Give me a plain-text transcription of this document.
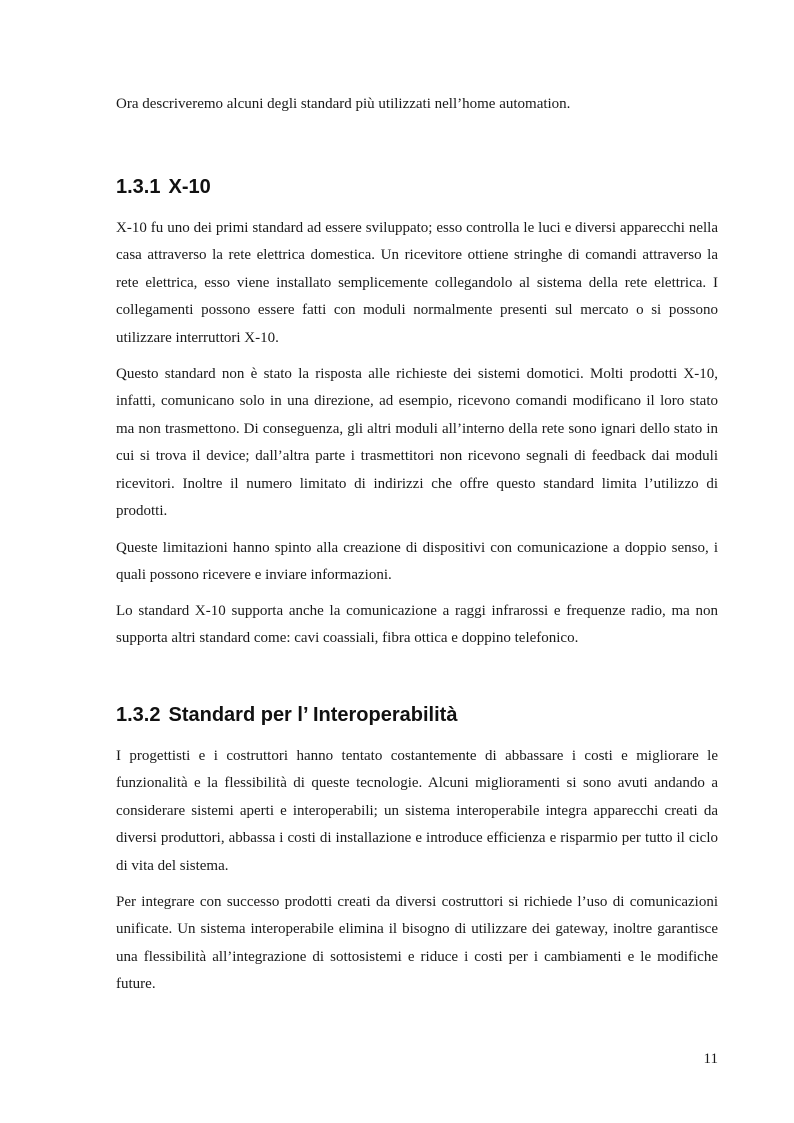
Ora descriveremo alcuni degli standard più utilizzati nell’home automation.

1.3.1 X-10

X-10 fu uno dei primi standard ad essere sviluppato; esso controlla le luci e diversi apparecchi nella casa attraverso la rete elettrica domestica. Un ricevitore ottiene stringhe di comandi attraverso la rete elettrica, esso viene installato semplicemente collegandolo al sistema della rete elettrica. I collegamenti possono essere fatti con moduli normalmente presenti sul mercato o si possono utilizzare interruttori X-10.

Questo standard non è stato la risposta alle richieste dei sistemi domotici. Molti prodotti X-10, infatti, comunicano solo in una direzione, ad esempio, ricevono comandi modificano il loro stato ma non trasmettono. Di conseguenza, gli altri moduli all’interno della rete sono ignari dello stato in cui si trova il device; dall’altra parte i trasmettitori non ricevono segnali di feedback dai moduli ricevitori. Inoltre il numero limitato di indirizzi che offre questo standard limita l’utilizzo di prodotti.

Queste limitazioni hanno spinto alla creazione di dispositivi con comunicazione a doppio senso, i quali possono ricevere e inviare informazioni.

Lo standard X-10 supporta anche la comunicazione a raggi infrarossi e frequenze radio, ma non supporta altri standard come: cavi coassiali, fibra ottica e doppino telefonico.

1.3.2 Standard per l’ Interoperabilità

I progettisti e i costruttori hanno tentato costantemente di abbassare i costi e migliorare le funzionalità e la flessibilità di queste tecnologie. Alcuni miglioramenti si sono avuti andando a considerare sistemi aperti e interoperabili; un sistema interoperabile integra apparecchi creati da diversi produttori, abbassa i costi di installazione e introduce efficienza e risparmio per tutto il ciclo di vita del sistema.

Per integrare con successo prodotti creati da diversi costruttori si richiede l’uso di comunicazioni unificate. Un sistema interoperabile elimina il bisogno di utilizzare dei gateway, inoltre garantisce una flessibilità all’integrazione di sottosistemi e riduce i costi per i cambiamenti e le modifiche future.

11
